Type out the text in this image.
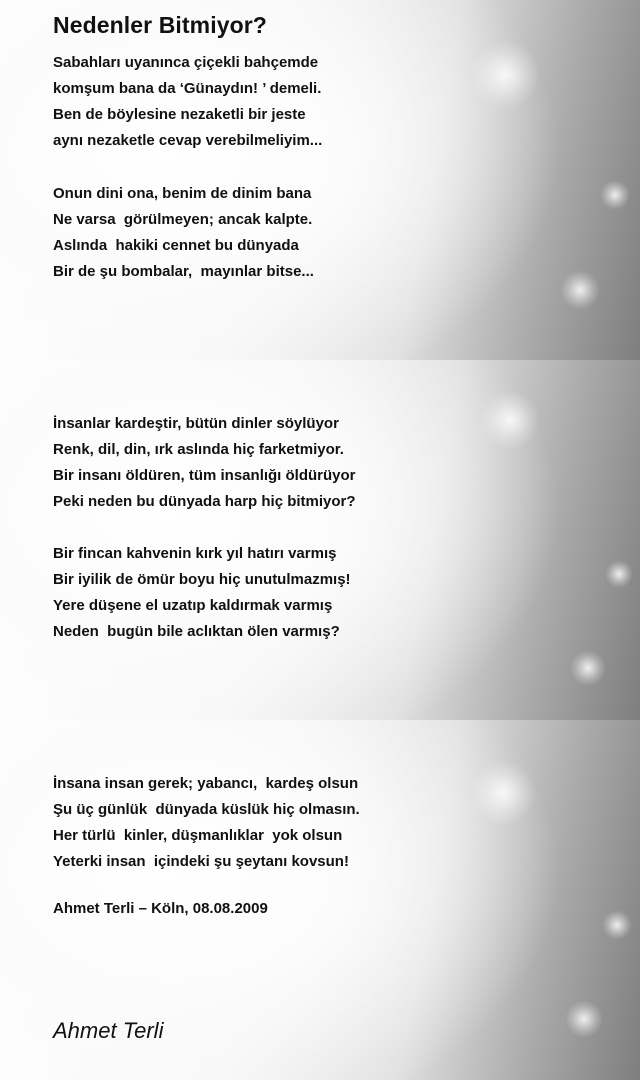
Nedenler Bitmiyor?
Sabahları uyanınca çiçekli bahçemde
komşum bana da ‘Günaydın! ’ demeli.
Ben de böylesine nezaketli bir jeste
aynı nezaketle cevap verebilmeliyim...
Onun dini ona, benim de dinim bana
Ne varsa  görülmeyen; ancak kalpte.
Aslında  hakiki cennet bu dünyada
Bir de şu bombalar,  mayınlar bitse...
İnsanlar kardeştir, bütün dinler söylüyor
Renk, dil, din, ırk aslında hiç farketmiyor.
Bir insanı öldüren, tüm insanlığı öldürüyor
Peki neden bu dünyada harp hiç bitmiyor?
Bir fincan kahvenin kırk yıl hatırı varmış
Bir iyilik de ömür boyu hiç unutulmazmış!
Yere düşene el uzatıp kaldırmak varmış
Neden  bugün bile aclıktan ölen varmış?
İnsana insan gerek; yabancı,  kardeş olsun
Şu üç günlük  dünyada küslük hiç olmasın.
Her türlü  kinler, düşmanlıklar  yok olsun
Yeterki insan  içindeki şu şeytanı kovsun!
Ahmet Terli – Köln, 08.08.2009
Ahmet Terli
